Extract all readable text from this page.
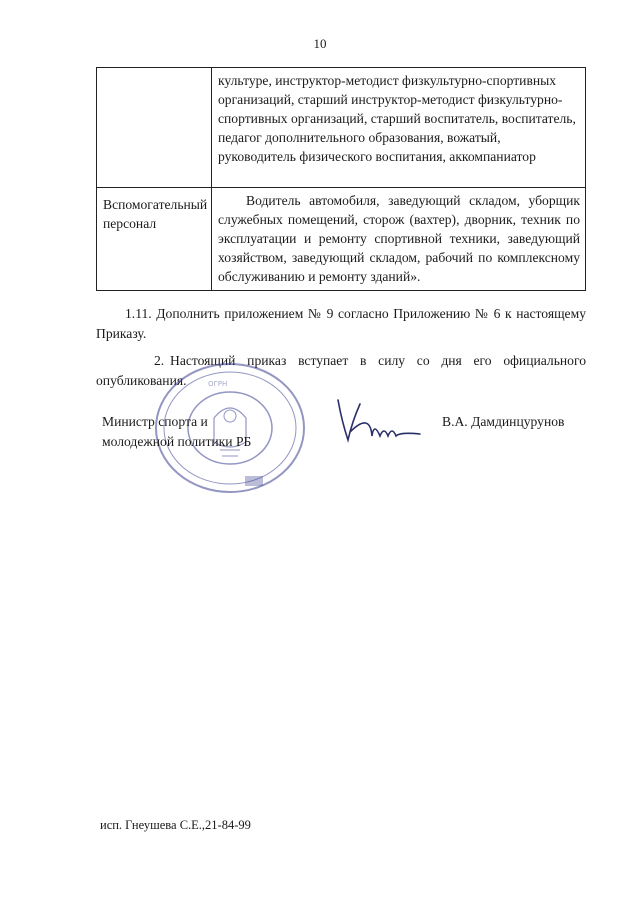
10
	культуре, инструктор-методист физкультурно-спортивных организаций, старший инструктор-методист физкультурно-спортивных организаций, старший воспитатель, воспитатель, педагог дополнительного образования, вожатый, руководитель физического воспитания, аккомпаниатор
Вспомогательный персонал	Водитель автомобиля, заведующий складом, уборщик служебных помещений, сторож (вахтер), дворник, техник по эксплуатации и ремонту спортивной техники, заведующий хозяйством, заведующий складом, рабочий по комплексному обслуживанию и ремонту зданий».
1.11. Дополнить приложением № 9 согласно Приложению № 6 к настоящему Приказу.
2. Настоящий приказ вступает в силу со дня его официального опубликования.	ОГРН
Министр спорта и
молодежной политики РБ
В.А. Дамдинцурунов
исп. Гнеушева С.Е.,21-84-99
